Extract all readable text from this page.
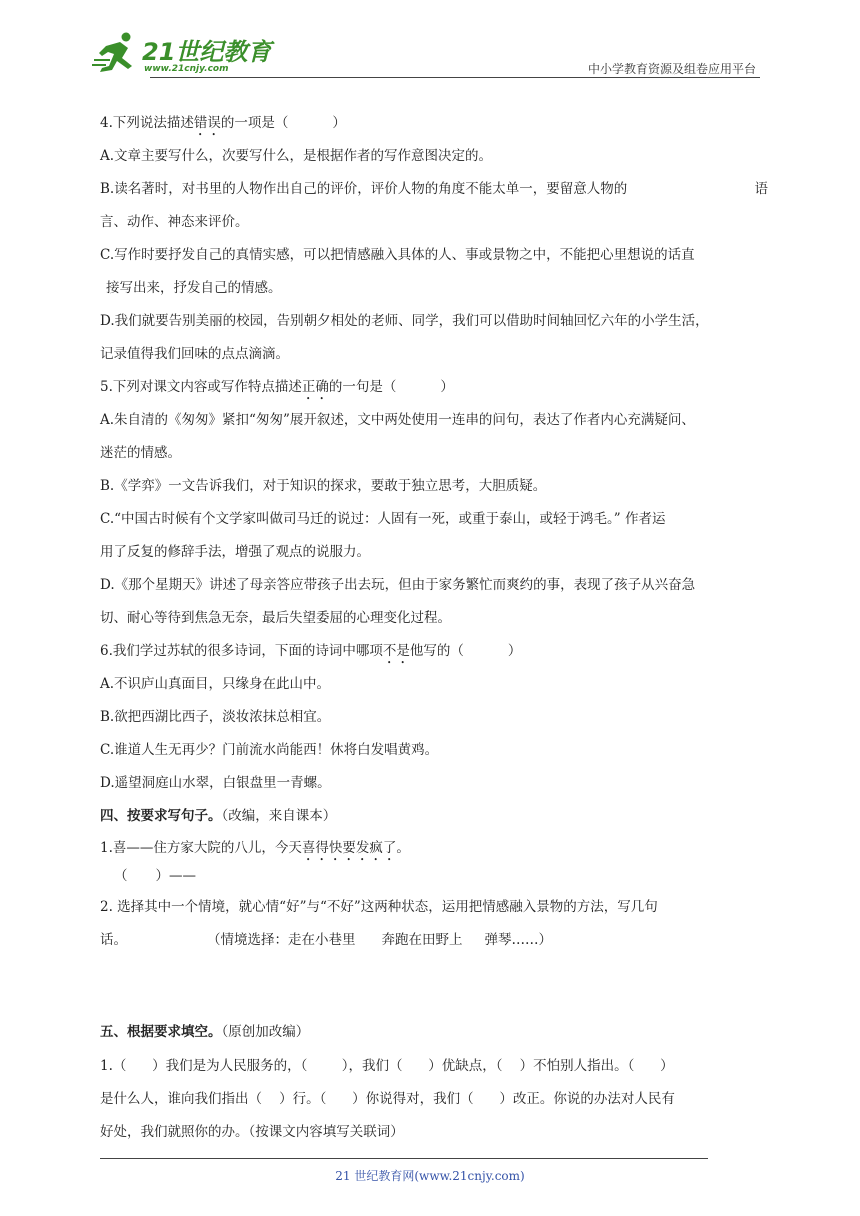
21世纪教育
www.21cnjy.com	中小学教育资源及组卷应用平台
4.下列说法描述错误的一项是（	）
A.文章主要写什么，次要写什么，是根据作者的写作意图决定的。
B.读名著时，对书里的人物作出自己的评价，评价人物的角度不能太单一，要留意人物的	语
言、动作、神态来评价。
C.写作时要抒发自己的真情实感，可以把情感融入具体的人、事或景物之中，不能把心里想说的话直
接写出来，抒发自己的情感。
D.我们就要告别美丽的校园，告别朝夕相处的老师、同学，我们可以借助时间轴回忆六年的小学生活，
记录值得我们回味的点点滴滴。
5.下列对课文内容或写作特点描述正确的一句是（	）
A.朱自清的《匆匆》紧扣“匆匆”展开叙述，文中两处使用一连串的问句，表达了作者内心充满疑问、
迷茫的情感。
B.《学弈》一文告诉我们，对于知识的探求，要敢于独立思考，大胆质疑。
C.“中国古时候有个文学家叫做司马迁的说过：人固有一死，或重于泰山，或轻于鸿毛。” 作者运
用了反复的修辞手法，增强了观点的说服力。
D.《那个星期天》讲述了母亲答应带孩子出去玩，但由于家务繁忙而爽约的事，表现了孩子从兴奋急
切、耐心等待到焦急无奈，最后失望委屈的心理变化过程。
6.我们学过苏轼的很多诗词，下面的诗词中哪项不是他写的（	）
A.不识庐山真面目，只缘身在此山中。
B.欲把西湖比西子，淡妆浓抹总相宜。
C.谁道人生无再少？门前流水尚能西！休将白发唱黄鸡。
D.遥望洞庭山水翠，白银盘里一青螺。
四、按要求写句子。（改编，来自课本）
1.喜——住方家大院的八儿，今天喜得快要发疯了。
（ ）——
2. 选择其中一个情境，就心情“好”与“不好”这两种状态，运用把情感融入景物的方法，写几句
话。	（情境选择：走在小巷里 奔跑在田野上 弹琴……）
五、根据要求填空。（原创加改编）
1.（      ）我们是为人民服务的，（        ），我们（      ）优缺点，（    ）不怕别人指出。（      ）
是什么人，谁向我们指出（    ）行。（      ）你说得对，我们（      ）改正。你说的办法对人民有
好处，我们就照你的办。（按课文内容填写关联词）
21 世纪教育网(www.21cnjy.com)
